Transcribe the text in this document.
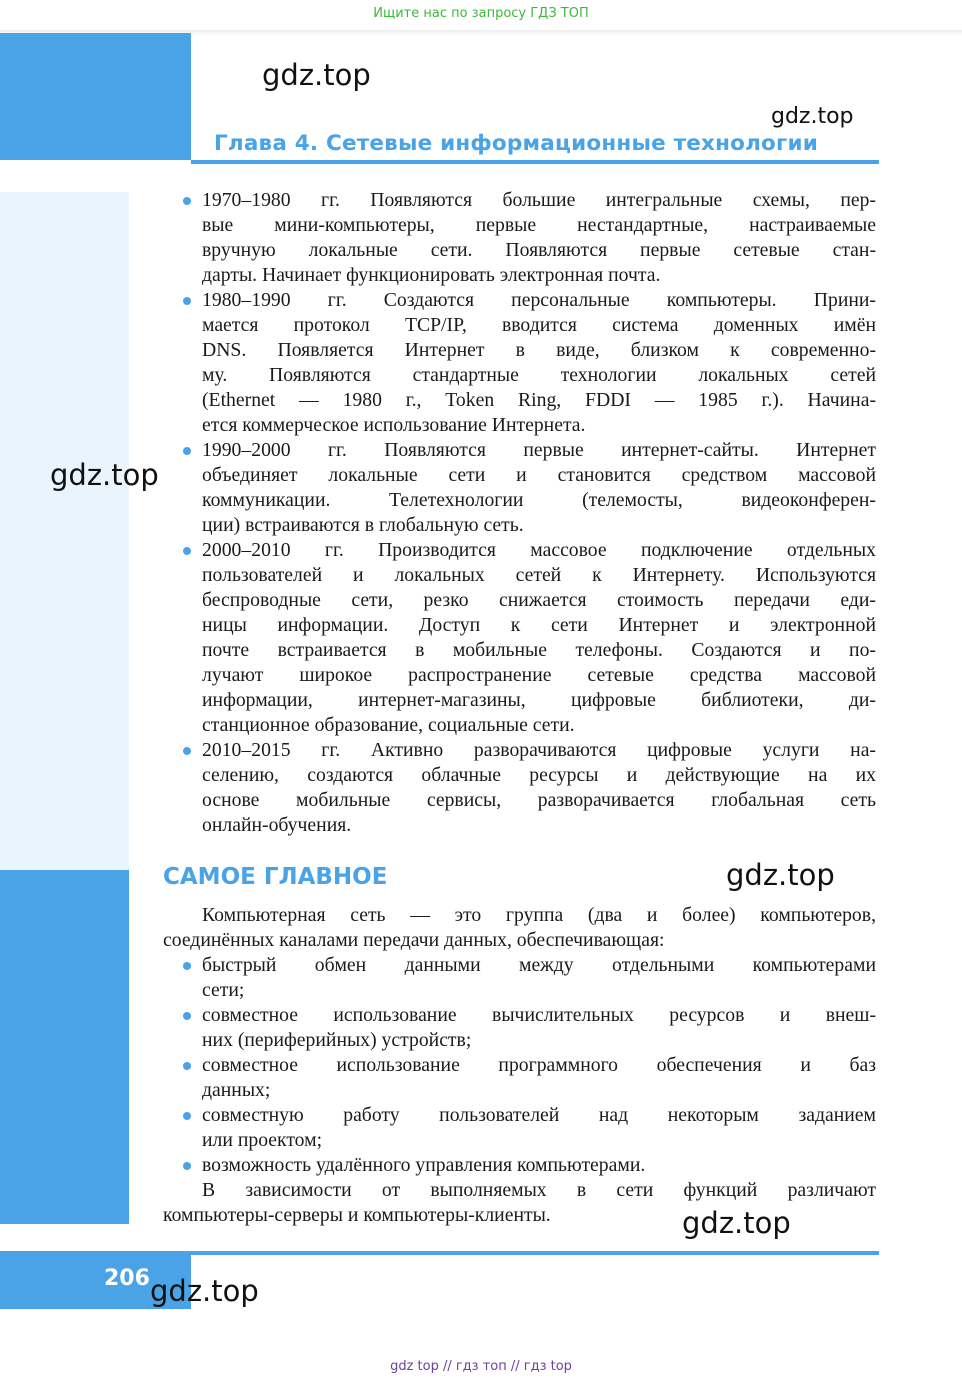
Ищите нас по запросу ГДЗ ТОП
Глава 4. Сетевые информационные технологии
gdz.top
gdz.top
gdz.top
gdz.top
gdz.top
1970–1980 гг. Появляются большие интегральные схемы, пер-
вые мини-компьютеры, первые нестандартные, настраиваемые
вручную локальные сети. Появляются первые сетевые стан-
дарты. Начинает функционировать электронная почта.
1980–1990 гг. Создаются персональные компьютеры. Прини-
мается протокол TCP/IP, вводится система доменных имён
DNS. Появляется Интернет в виде, близком к современно-
му. Появляются стандартные технологии локальных сетей
(Ethernet — 1980 г., Token Ring, FDDI — 1985 г.). Начина-
ется коммерческое использование Интернета.
1990–2000 гг. Появляются первые интернет-сайты. Интернет
объединяет локальные сети и становится средством массовой
коммуникации. Телетехнологии (телемосты, видеоконферен-
ции) встраиваются в глобальную сеть.
2000–2010 гг. Производится массовое подключение отдельных
пользователей и локальных сетей к Интернету. Используются
беспроводные сети, резко снижается стоимость передачи еди-
ницы информации. Доступ к сети Интернет и электронной
почте встраивается в мобильные телефоны. Создаются и по-
лучают широкое распространение сетевые средства массовой
информации, интернет-магазины, цифровые библиотеки, ди-
станционное образование, социальные сети.
2010–2015 гг. Активно разворачиваются цифровые услуги на-
селению, создаются облачные ресурсы и действующие на их
основе мобильные сервисы, разворачивается глобальная сеть
онлайн-обучения.
САМОЕ ГЛАВНОЕ
Компьютерная сеть — это группа (два и более) компьютеров,
соединённых каналами передачи данных, обеспечивающая:
быстрый обмен данными между отдельными компьютерами
сети;
совместное использование вычислительных ресурсов и внеш-
них (периферийных) устройств;
совместное использование программного обеспечения и баз
данных;
совместную работу пользователей над некоторым заданием
или проектом;
возможность удалённого управления компьютерами.
В зависимости от выполняемых в сети функций различают
компьютеры-серверы и компьютеры-клиенты.
206 gdz.top
gdz top // гдз топ // гдз top
